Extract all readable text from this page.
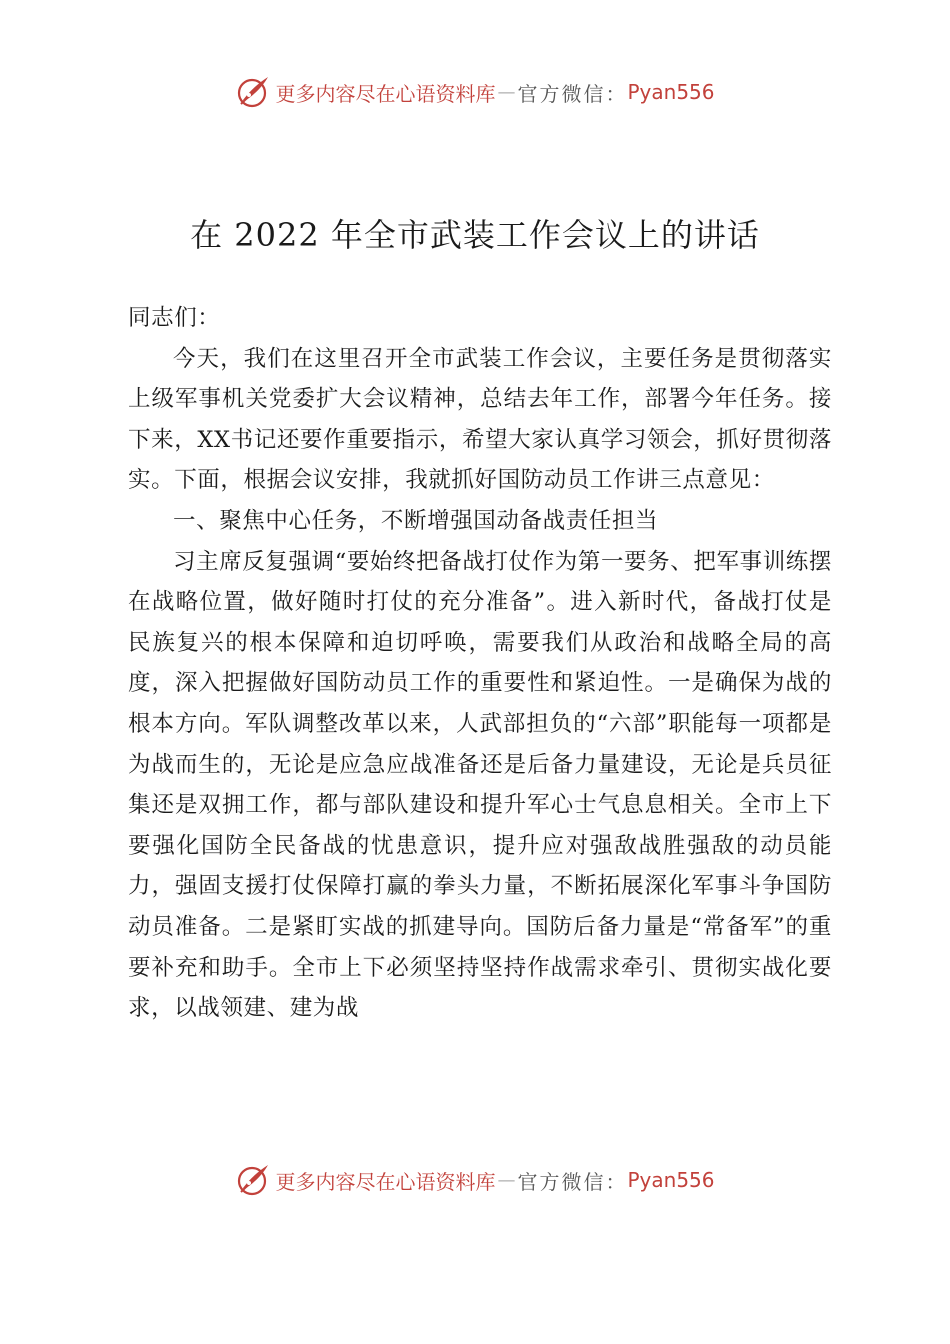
更多内容尽在心语资料库 — 官方微信： Pyan556
在 2022 年全市武装工作会议上的讲话

同志们：

今天，我们在这里召开全市武装工作会议，主要任务是贯彻落实上级军事机关党委扩大会议精神，总结去年工作，部署今年任务。接下来，XX书记还要作重要指示，希望大家认真学习领会，抓好贯彻落实。下面，根据会议安排，我就抓好国防动员工作讲三点意见：

一、聚焦中心任务，不断增强国动备战责任担当

习主席反复强调“要始终把备战打仗作为第一要务、把军事训练摆在战略位置，做好随时打仗的充分准备”。进入新时代，备战打仗是民族复兴的根本保障和迫切呼唤，需要我们从政治和战略全局的高度，深入把握做好国防动员工作的重要性和紧迫性。一是确保为战的根本方向。军队调整改革以来，人武部担负的“六部”职能每一项都是为战而生的，无论是应急应战准备还是后备力量建设，无论是兵员征集还是双拥工作，都与部队建设和提升军心士气息息相关。全市上下要强化国防全民备战的忧患意识，提升应对强敌战胜强敌的动员能力，强固支援打仗保障打赢的拳头力量，不断拓展深化军事斗争国防动员准备。二是紧盯实战的抓建导向。国防后备力量是“常备军”的重要补充和助手。全市上下必须坚持坚持作战需求牵引、贯彻实战化要求，以战领建、建为战

更多内容尽在心语资料库 — 官方微信： Pyan556
